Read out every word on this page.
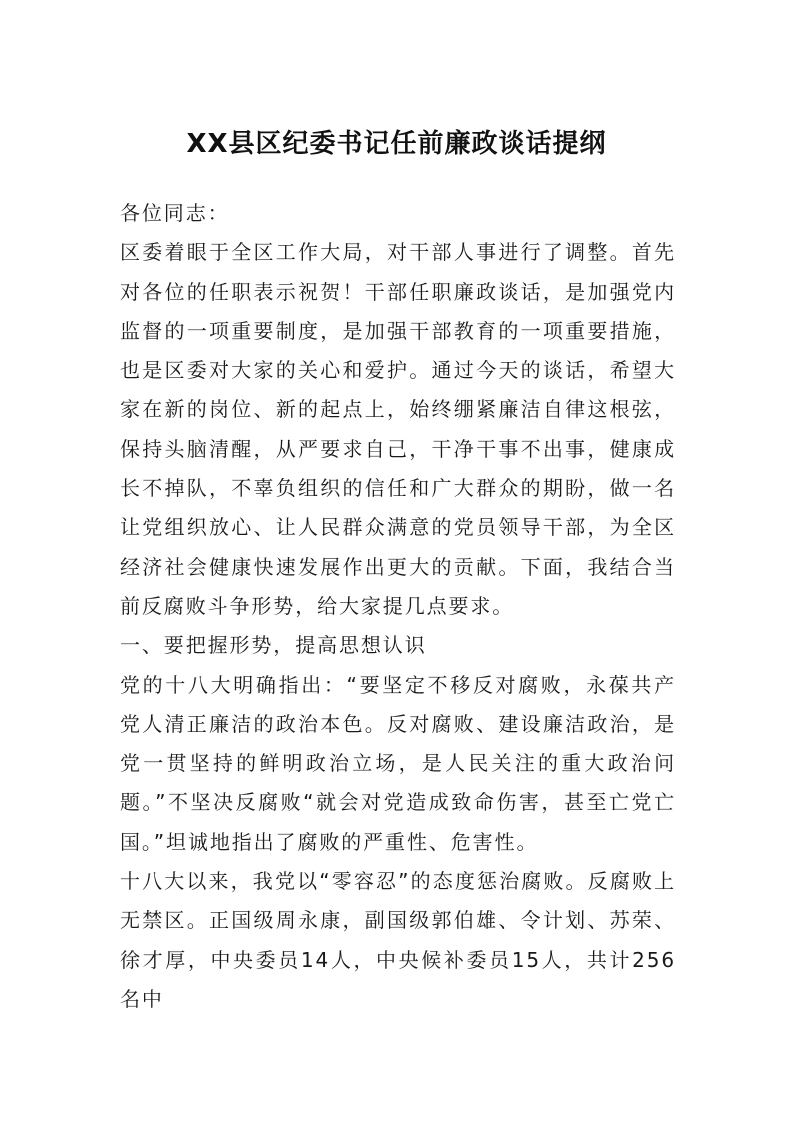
XX县区纪委书记任前廉政谈话提纲

各位同志：

区委着眼于全区工作大局，对干部人事进行了调整。首先对各位的任职表示祝贺！干部任职廉政谈话，是加强党内监督的一项重要制度，是加强干部教育的一项重要措施，也是区委对大家的关心和爱护。通过今天的谈话，希望大家在新的岗位、新的起点上，始终绷紧廉洁自律这根弦，保持头脑清醒，从严要求自己，干净干事不出事，健康成长不掉队，不辜负组织的信任和广大群众的期盼，做一名让党组织放心、让人民群众满意的党员领导干部，为全区经济社会健康快速发展作出更大的贡献。下面，我结合当前反腐败斗争形势，给大家提几点要求。

一、要把握形势，提高思想认识

党的十八大明确指出：“要坚定不移反对腐败，永葆共产党人清正廉洁的政治本色。反对腐败、建设廉洁政治，是党一贯坚持的鲜明政治立场，是人民关注的重大政治问题。”不坚决反腐败“就会对党造成致命伤害，甚至亡党亡国。”坦诚地指出了腐败的严重性、危害性。

十八大以来，我党以“零容忍”的态度惩治腐败。反腐败上无禁区。正国级周永康，副国级郭伯雄、令计划、苏荣、徐才厚，中央委员14人，中央候补委员15人，共计256名中
